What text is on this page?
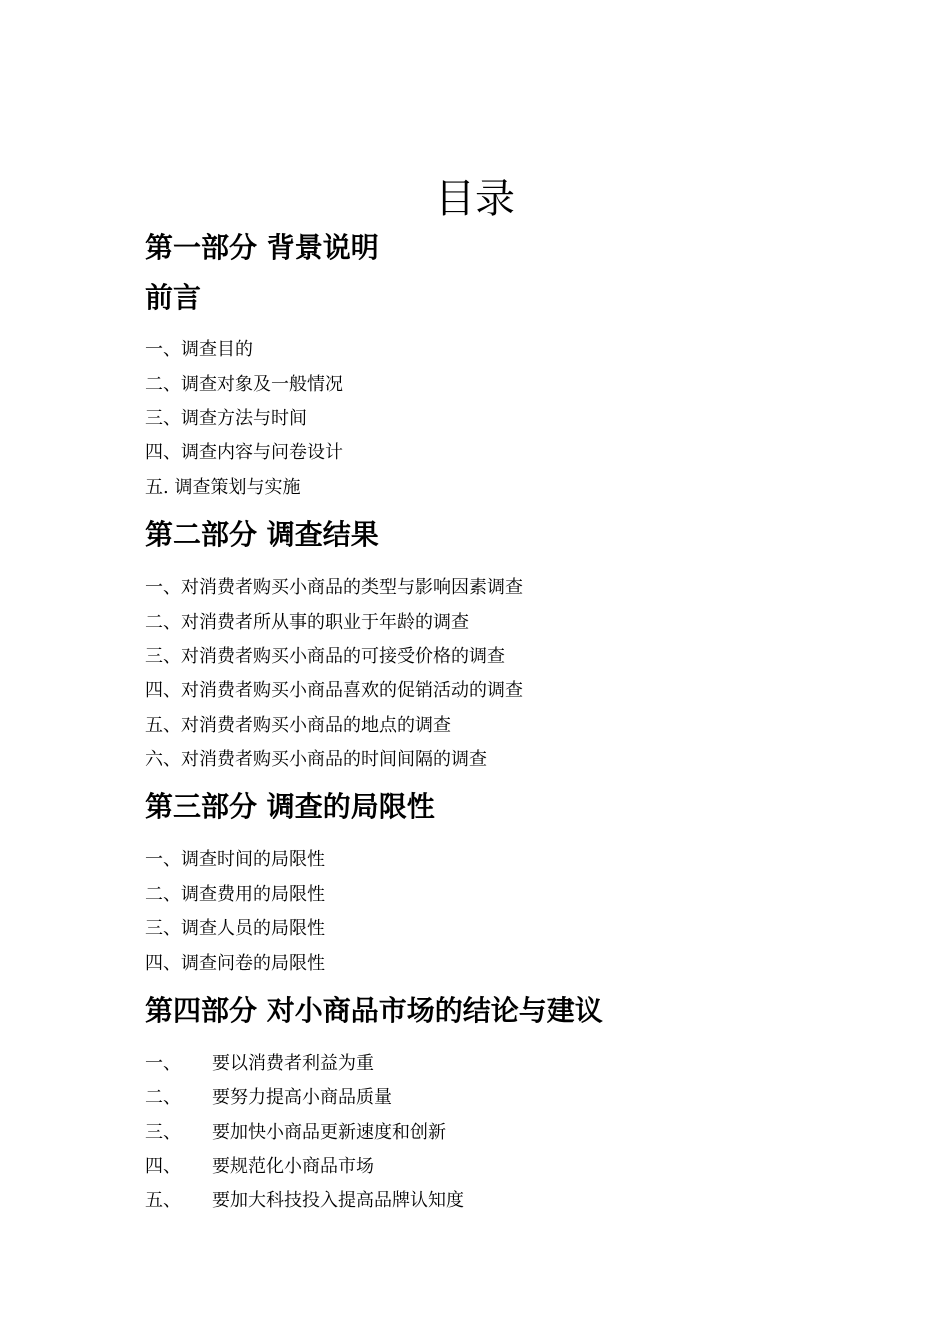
目录
第一部分 背景说明
前言
一、调查目的
二、调查对象及一般情况
三、调查方法与时间
四、调查内容与问卷设计
五. 调查策划与实施
第二部分 调查结果
一、对消费者购买小商品的类型与影响因素调查
二、对消费者所从事的职业于年龄的调查
三、对消费者购买小商品的可接受价格的调查
四、对消费者购买小商品喜欢的促销活动的调查
五、对消费者购买小商品的地点的调查
六、对消费者购买小商品的时间间隔的调查
第三部分 调查的局限性
一、调查时间的局限性
二、调查费用的局限性
三、调查人员的局限性
四、调查问卷的局限性
第四部分 对小商品市场的结论与建议
一、 要以消费者利益为重
二、 要努力提高小商品质量
三、 要加快小商品更新速度和创新
四、 要规范化小商品市场
五、 要加大科技投入提高品牌认知度
